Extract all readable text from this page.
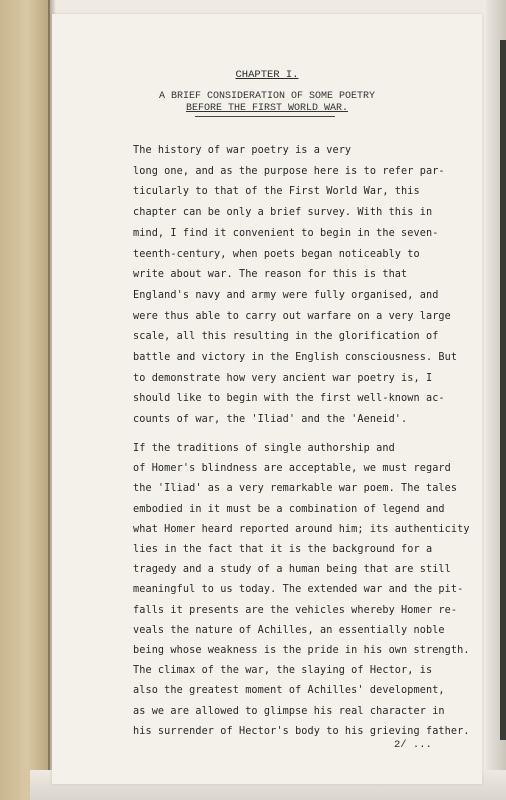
CHAPTER I.
A BRIEF CONSIDERATION OF SOME POETRY
BEFORE THE FIRST WORLD WAR.
The history of war poetry is a very
long one, and as the purpose here is to refer par-
ticularly to that of the First World War, this
chapter can be only a brief survey. With this in
mind, I find it convenient to begin in the seven-
teenth-century, when poets began noticeably to
write about war. The reason for this is that
England's navy and army were fully organised, and
were thus able to carry out warfare on a very large
scale, all this resulting in the glorification of
battle and victory in the English consciousness. But
to demonstrate how very ancient war poetry is, I
should like to begin with the first well-known ac-
counts of war, the 'Iliad' and the 'Aeneid'.
If the traditions of single authorship and
of Homer's blindness are acceptable, we must regard
the 'Iliad' as a very remarkable war poem. The tales
embodied in it must be a combination of legend and
what Homer heard reported around him; its authenticity
lies in the fact that it is the background for a
tragedy and a study of a human being that are still
meaningful to us today. The extended war and the pit-
falls it presents are the vehicles whereby Homer re-
veals the nature of Achilles, an essentially noble
being whose weakness is the pride in his own strength.
The climax of the war, the slaying of Hector, is
also the greatest moment of Achilles' development,
as we are allowed to glimpse his real character in
his surrender of Hector's body to his grieving father.
2/ ...
